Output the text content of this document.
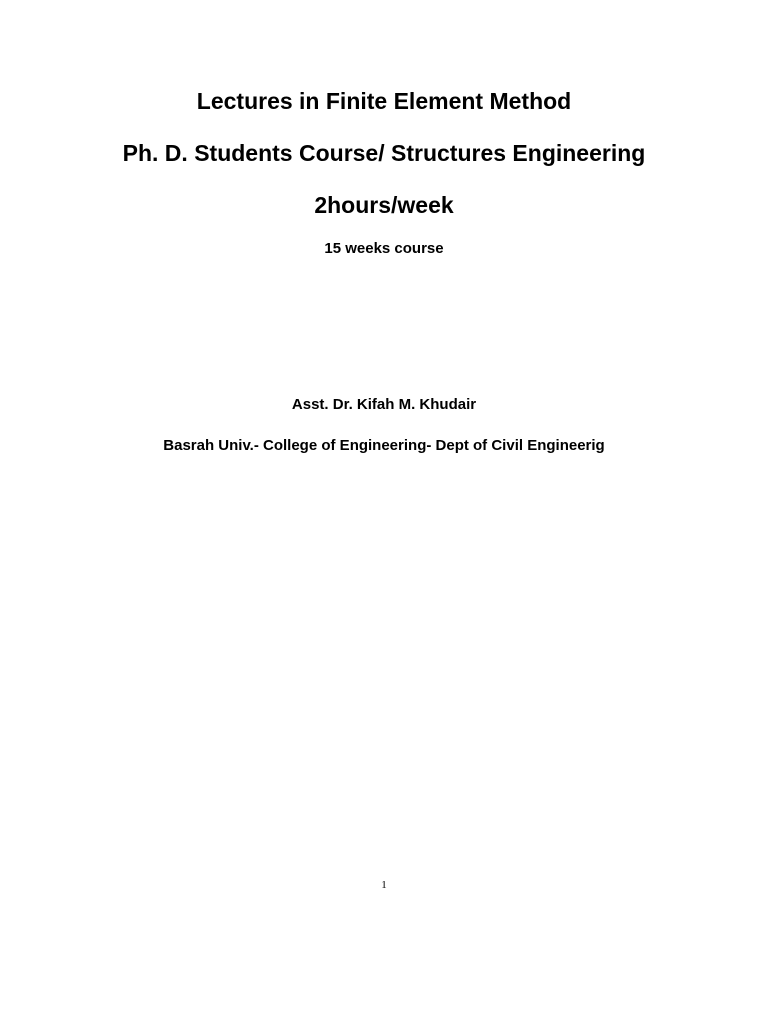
Lectures in Finite Element Method
Ph. D. Students Course/ Structures Engineering
2hours/week
15 weeks course
Asst. Dr. Kifah M. Khudair
Basrah Univ.- College of Engineering- Dept of Civil Engineerig
1
